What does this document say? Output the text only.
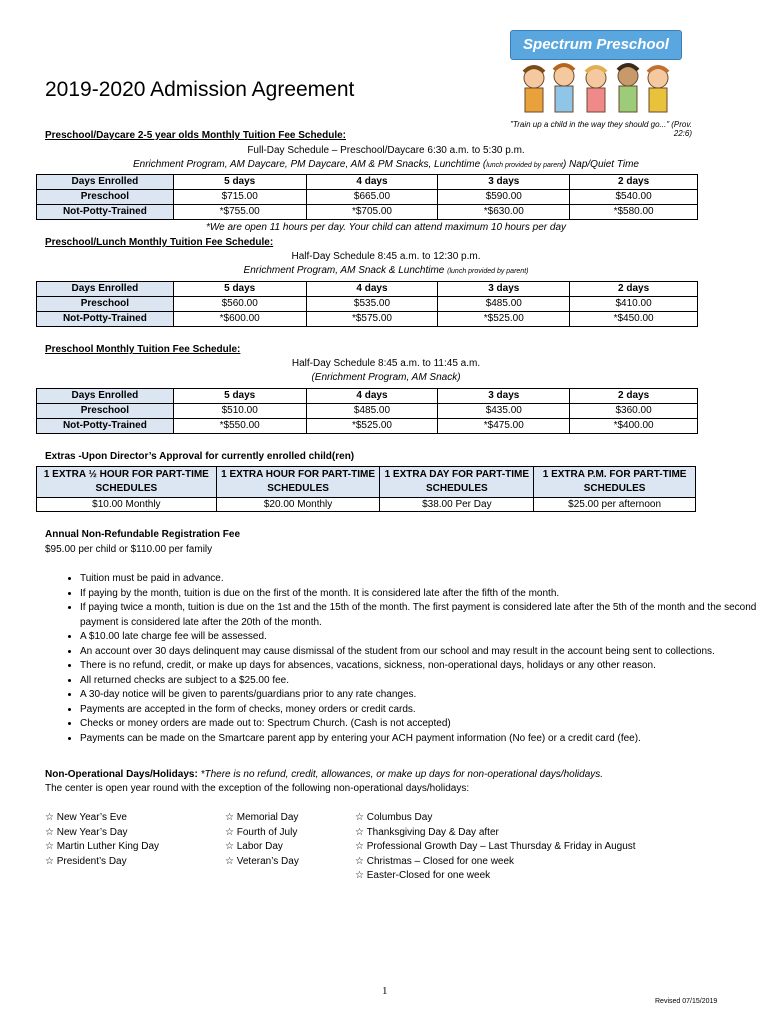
Spectrum Preschool
"Train up a child in the way they should go..." (Prov. 22:6)
2019-2020 Admission Agreement
Preschool/Daycare 2-5 year olds Monthly Tuition Fee Schedule:
Full-Day Schedule – Preschool/Daycare 6:30 a.m. to 5:30 p.m.
Enrichment Program, AM Daycare, PM Daycare, AM & PM Snacks, Lunchtime (lunch provided by parent) Nap/Quiet Time
Days Enrolled	5 days	4 days	3 days	2 days
Preschool	$715.00	$665.00	$590.00	$540.00
Not-Potty-Trained	*$755.00	*$705.00	*$630.00	*$580.00
*We are open 11 hours per day. Your child can attend maximum 10 hours per day
Preschool/Lunch Monthly Tuition Fee Schedule:
Half-Day Schedule 8:45 a.m. to 12:30 p.m.
Enrichment Program, AM Snack & Lunchtime (lunch provided by parent)
Days Enrolled	5 days	4 days	3 days	2 days
Preschool	$560.00	$535.00	$485.00	$410.00
Not-Potty-Trained	*$600.00	*$575.00	*$525.00	*$450.00
Preschool Monthly Tuition Fee Schedule:
Half-Day Schedule 8:45 a.m. to 11:45 a.m.
(Enrichment Program, AM Snack)
Days Enrolled	5 days	4 days	3 days	2 days
Preschool	$510.00	$485.00	$435.00	$360.00
Not-Potty-Trained	*$550.00	*$525.00	*$475.00	*$400.00
Extras -Upon Director’s Approval for currently enrolled child(ren)
1 EXTRA ½ HOUR FOR PART-TIME SCHEDULES	1 EXTRA HOUR FOR PART-TIME SCHEDULES	1 EXTRA DAY FOR PART-TIME SCHEDULES	1 EXTRA P.M. FOR PART-TIME SCHEDULES
$10.00 Monthly	$20.00 Monthly	$38.00 Per Day	$25.00 per afternoon
Annual Non-Refundable Registration Fee
$95.00 per child or $110.00 per family
• Tuition must be paid in advance.
• If paying by the month, tuition is due on the first of the month. It is considered late after the fifth of the month.
• If paying twice a month, tuition is due on the 1st and the 15th of the month. The first payment is considered late after the 5th of the month and the second payment is considered late after the 20th of the month.
• A $10.00 late charge fee will be assessed.
• An account over 30 days delinquent may cause dismissal of the student from our school and may result in the account being sent to collections.
• There is no refund, credit, or make up days for absences, vacations, sickness, non-operational days, holidays or any other reason.
• All returned checks are subject to a $25.00 fee.
• A 30-day notice will be given to parents/guardians prior to any rate changes.
• Payments are accepted in the form of checks, money orders or credit cards.
• Checks or money orders are made out to: Spectrum Church. (Cash is not accepted)
• Payments can be made on the Smartcare parent app by entering your ACH payment information (No fee) or a credit card (fee).
Non-Operational Days/Holidays: *There is no refund, credit, allowances, or make up days for non-operational days/holidays.
The center is open year round with the exception of the following non-operational days/holidays:
☆ New Year’s Eve
☆ New Year’s Day
☆ Martin Luther King Day
☆ President’s Day
☆ Memorial Day
☆ Fourth of July
☆ Labor Day
☆ Veteran’s Day
☆ Columbus Day
☆ Thanksgiving Day & Day after
☆ Professional Growth Day – Last Thursday & Friday in August
☆ Christmas – Closed for one week
☆ Easter-Closed for one week
1
Revised 07/15/2019
